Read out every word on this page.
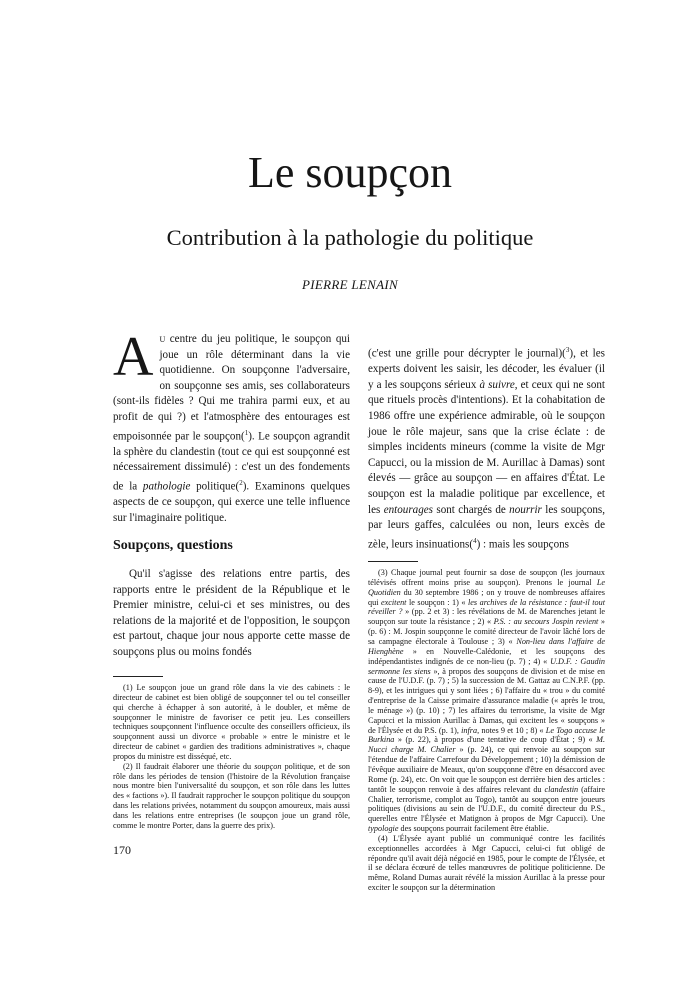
Le soupçon
Contribution à la pathologie du politique
PIERRE LENAIN

Au centre du jeu politique, le soupçon qui joue un rôle déterminant dans la vie quotidienne. On soupçonne l'adversaire, on soupçonne ses amis, ses collaborateurs (sont-ils fidèles ? Qui me trahira parmi eux, et au profit de qui ?) et l'atmosphère des entourages est empoisonnée par le soupçon($^1$). Le soupçon agrandit la sphère du clandestin (tout ce qui est soupçonné est nécessairement dissimulé) : c'est un des fondements de la pathologie politique($^2$). Examinons quelques aspects de ce soupçon, qui exerce une telle influence sur l'imaginaire politique.

Soupçons, questions

Qu'il s'agisse des relations entre partis, des rapports entre le président de la République et le Premier ministre, celui-ci et ses ministres, ou des relations de la majorité et de l'opposition, le soupçon est partout, chaque jour nous apporte cette masse de soupçons plus ou moins fondés

(1) Le soupçon joue un grand rôle dans la vie des cabinets : le directeur de cabinet est bien obligé de soupçonner tel ou tel conseiller qui cherche à échapper à son autorité, à le doubler, et même de soupçonner le ministre de favoriser ce petit jeu. Les conseillers techniques soupçonnent l'influence occulte des conseillers officieux, ils soupçonnent aussi un divorce « probable » entre le ministre et le directeur de cabinet « gardien des traditions administratives », chaque propos du ministre est disséqué, etc.

(2) Il faudrait élaborer une théorie du soupçon politique, et de son rôle dans les périodes de tension (l'histoire de la Révolution française nous montre bien l'universalité du soupçon, et son rôle dans les luttes des « factions »). Il faudrait rapprocher le soupçon politique du soupçon dans les relations privées, notamment du soupçon amoureux, mais aussi dans les relations entre entreprises (le soupçon joue un grand rôle, comme le montre Porter, dans la guerre des prix).

170

(c'est une grille pour décrypter le journal)($^3$), et les experts doivent les saisir, les décoder, les évaluer (il y a les soupçons sérieux à suivre, et ceux qui ne sont que rituels procès d'intentions). Et la cohabitation de 1986 offre une expérience admirable, où le soupçon joue le rôle majeur, sans que la crise éclate : de simples incidents mineurs (comme la visite de Mgr Capucci, ou la mission de M. Aurillac à Damas) sont élevés — grâce au soupçon — en affaires d'État. Le soupçon est la maladie politique par excellence, et les entourages sont chargés de nourrir les soupçons, par leurs gaffes, calculées ou non, leurs excès de zèle, leurs insinuations($^4$) : mais les soupçons

(3) Chaque journal peut fournir sa dose de soupçon (les journaux télévisés offrent moins prise au soupçon). Prenons le journal Le Quotidien du 30 septembre 1986 ; on y trouve de nombreuses affaires qui excitent le soupçon : 1) « les archives de la résistance : faut-il tout réveiller ? » (pp. 2 et 3) : les révélations de M. de Marenches jetant le soupçon sur toute la résistance ; 2) « P.S. : au secours Jospin revient » (p. 6) : M. Jospin soupçonne le comité directeur de l'avoir lâché lors de sa campagne électorale à Toulouse ; 3) « Non-lieu dans l'affaire de Hienghène » en Nouvelle-Calédonie, et les soupçons des indépendantistes indignés de ce non-lieu (p. 7) ; 4) « U.D.F. : Gaudin sermonne les siens », à propos des soupçons de division et de mise en cause de l'U.D.F. (p. 7) ; 5) la succession de M. Gattaz au C.N.P.F. (pp. 8-9), et les intrigues qui y sont liées ; 6) l'affaire du « trou » du comité d'entreprise de la Caisse primaire d'assurance maladie (« après le trou, le ménage ») (p. 10) ; 7) les affaires du terrorisme, la visite de Mgr Capucci et la mission Aurillac à Damas, qui excitent les « soupçons » de l'Élysée et du P.S. (p. 1), infra, notes 9 et 10 ; 8) « Le Togo accuse le Burkina » (p. 22), à propos d'une tentative de coup d'État ; 9) « M. Nucci charge M. Chalier » (p. 24), ce qui renvoie au soupçon sur l'étendue de l'affaire Carrefour du Développement ; 10) la démission de l'évêque auxiliaire de Meaux, qu'on soupçonne d'être en désaccord avec Rome (p. 24), etc. On voit que le soupçon est derrière bien des articles : tantôt le soupçon renvoie à des affaires relevant du clandestin (affaire Chalier, terrorisme, complot au Togo), tantôt au soupçon entre joueurs politiques (divisions au sein de l'U.D.F., du comité directeur du P.S., querelles entre l'Élysée et Matignon à propos de Mgr Capucci). Une typologie des soupçons pourrait facilement être établie.

(4) L'Élysée ayant publié un communiqué contre les facilités exceptionnelles accordées à Mgr Capucci, celui-ci fut obligé de répondre qu'il avait déjà négocié en 1985, pour le compte de l'Élysée, et il se déclara écœuré de telles manœuvres de politique politicienne. De même, Roland Dumas aurait révélé la mission Aurillac à la presse pour exciter le soupçon sur la détermination
